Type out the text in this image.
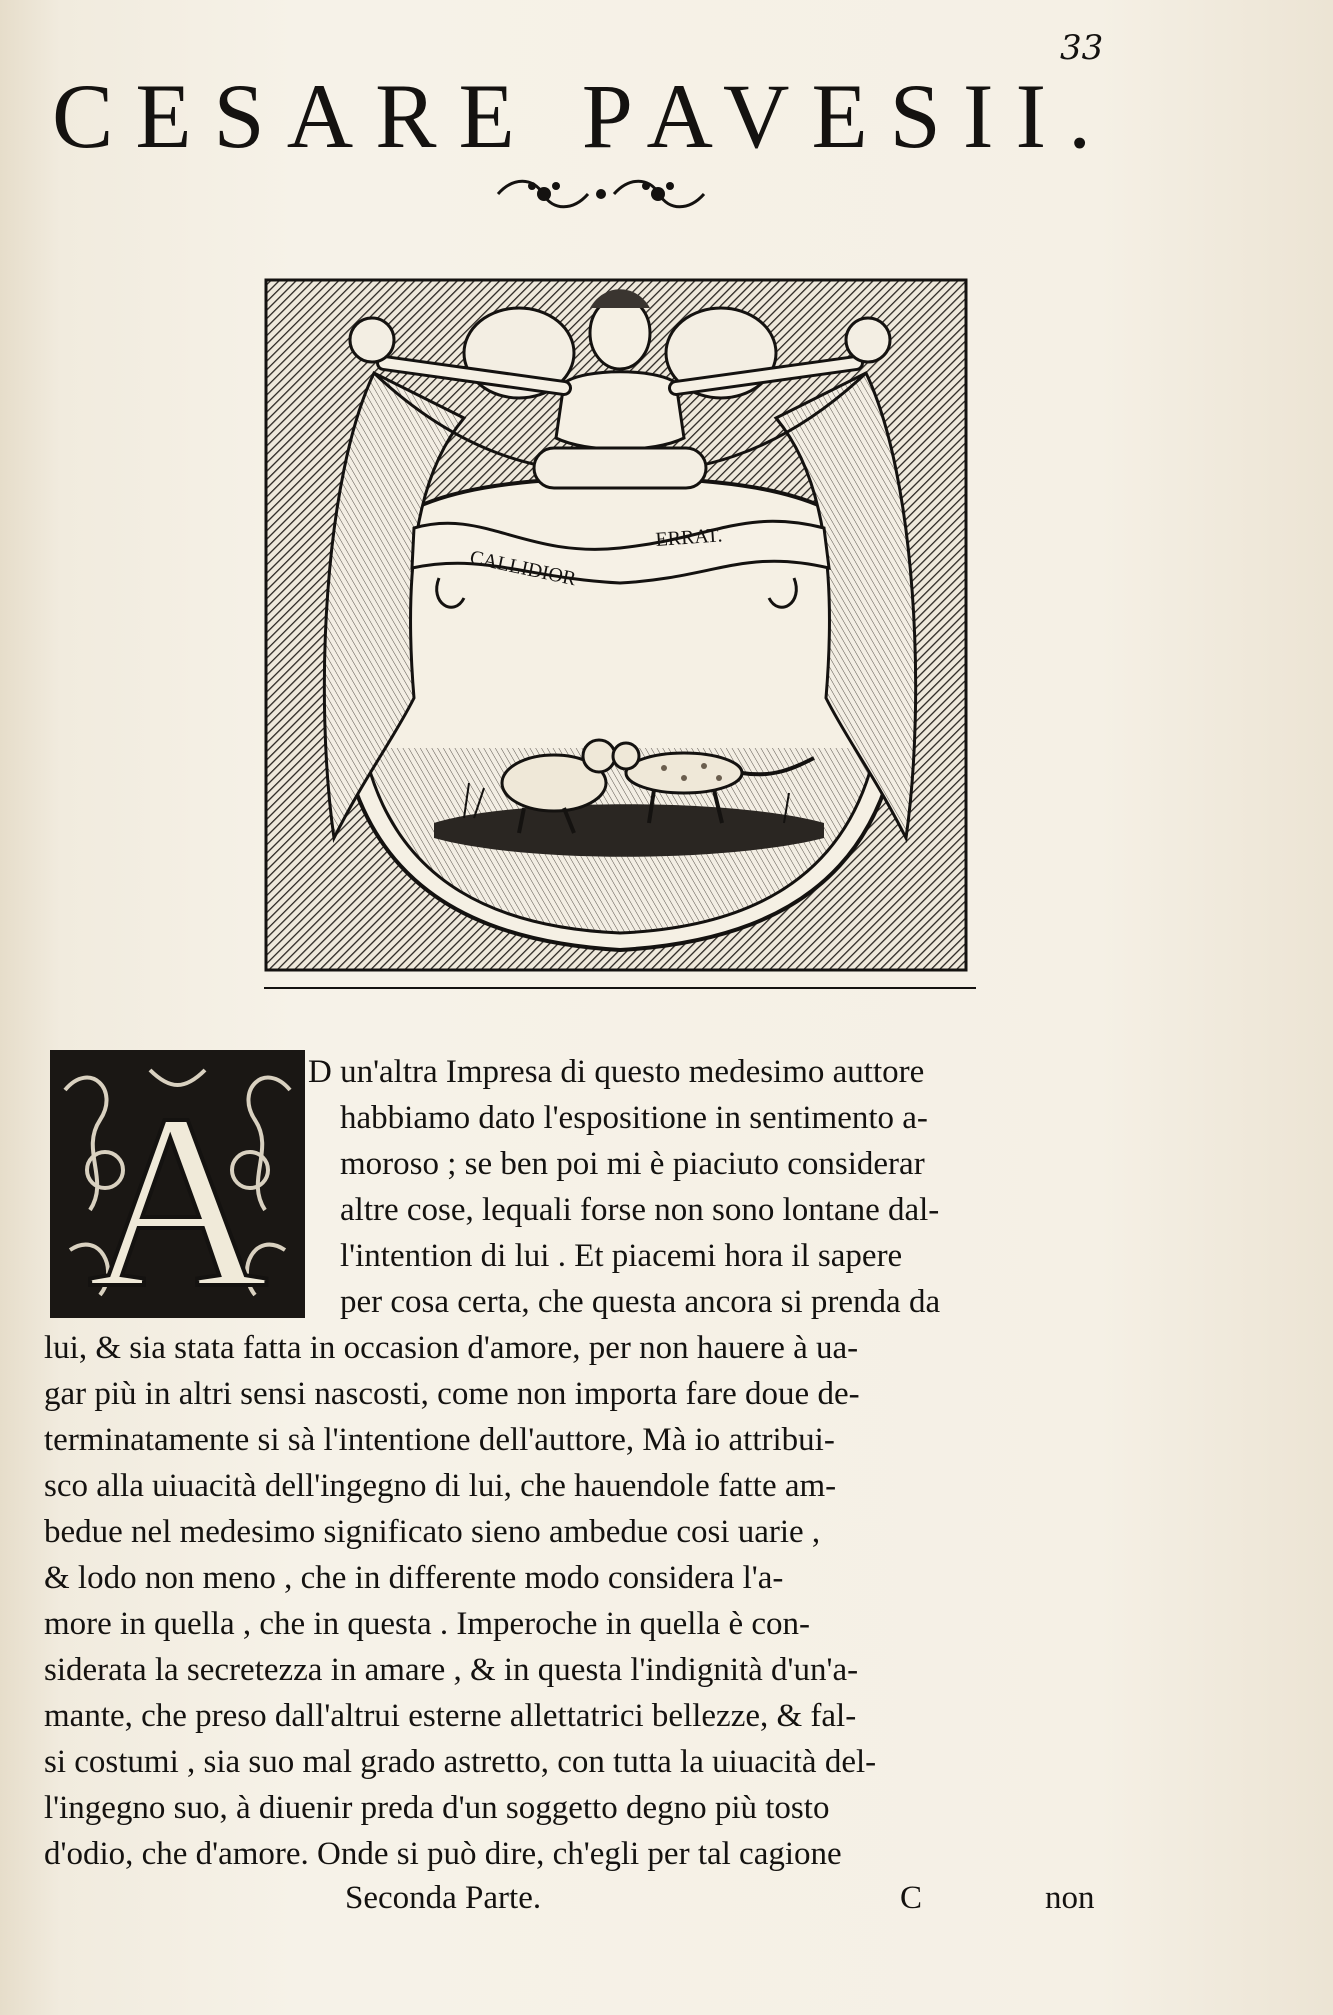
33
CESARE PAVESII.
CALLIDIOR
ERRAT.
A D un'altra Impresa di questo medesimo auttore
habbiamo dato l'espositione in sentimento a-
moroso ; se ben poi mi è piaciuto considerar
altre cose, lequali forse non sono lontane dal-
l'intention di lui . Et piacemi hora il sapere
per cosa certa, che questa ancora si prenda da
lui, & sia stata fatta in occasion d'amore, per non hauere à ua-
gar più in altri sensi nascosti, come non importa fare doue de-
terminatamente si sà l'intentione dell'auttore, Mà io attribui-
sco alla uiuacità dell'ingegno di lui, che hauendole fatte am-
bedue nel medesimo significato sieno ambedue cosi uarie ,
& lodo non meno , che in differente modo considera l'a-
more in quella , che in questa . Imperoche in quella è con-
siderata la secretezza in amare , & in questa l'indignità d'un'a-
mante, che preso dall'altrui esterne allettatrici bellezze, & fal-
si costumi , sia suo mal grado astretto, con tutta la uiuacità del-
l'ingegno suo, à diuenir preda d'un soggetto degno più tosto
d'odio, che d'amore. Onde si può dire, ch'egli per tal cagione
Seconda Parte.	C	non
